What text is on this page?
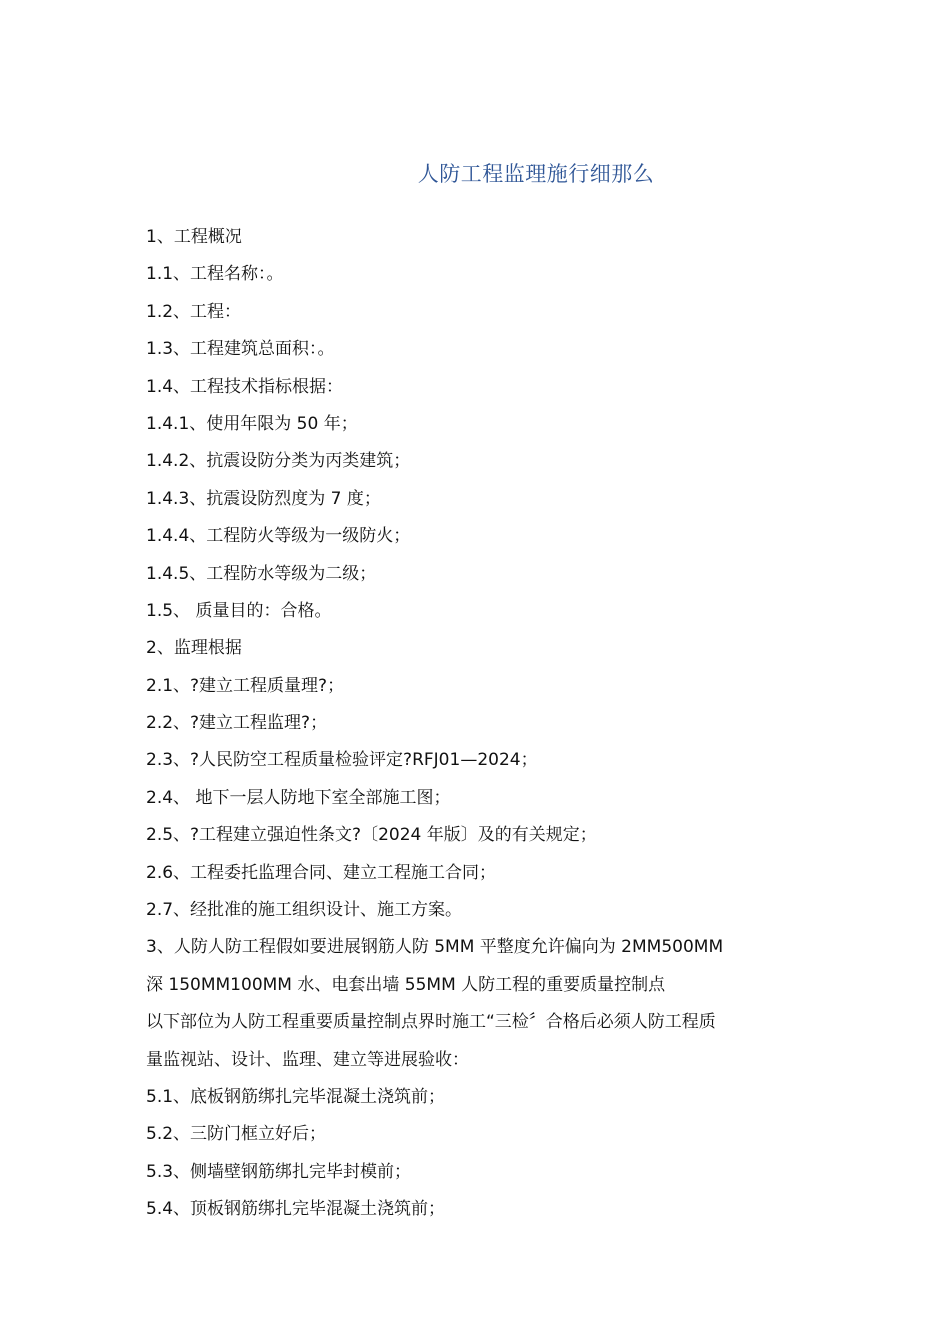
人防工程监理施行细那么
1、工程概况
1.1、工程名称：。
1.2、工程：
1.3、工程建筑总面积：。
1.4、工程技术指标根据：
1.4.1、使用年限为 50 年；
1.4.2、抗震设防分类为丙类建筑；
1.4.3、抗震设防烈度为 7 度；
1.4.4、工程防火等级为一级防火；
1.4.5、工程防水等级为二级；
1.5、 质量目的：合格。
2、监理根据
2.1、?建立工程质量理?；
2.2、?建立工程监理?；
2.3、?人民防空工程质量检验评定?RFJ01—2024；
2.4、 地下一层人防地下室全部施工图；
2.5、?工程建立强迫性条文?〔2024 年版〕及的有关规定；
2.6、工程委托监理合同、建立工程施工合同；
2.7、经批准的施工组织设计、施工方案。
3、人防人防工程假如要进展钢筋人防 5MM 平整度允许偏向为 2MM500MM
深 150MM100MM 水、电套出墙 55MM 人防工程的重要质量控制点
以下部位为人防工程重要质量控制点界时施工“三检〞合格后必须人防工程质
量监视站、设计、监理、建立等进展验收：
5.1、底板钢筋绑扎完毕混凝土浇筑前；
5.2、三防门框立好后；
5.3、侧墙壁钢筋绑扎完毕封模前；
5.4、顶板钢筋绑扎完毕混凝土浇筑前；
